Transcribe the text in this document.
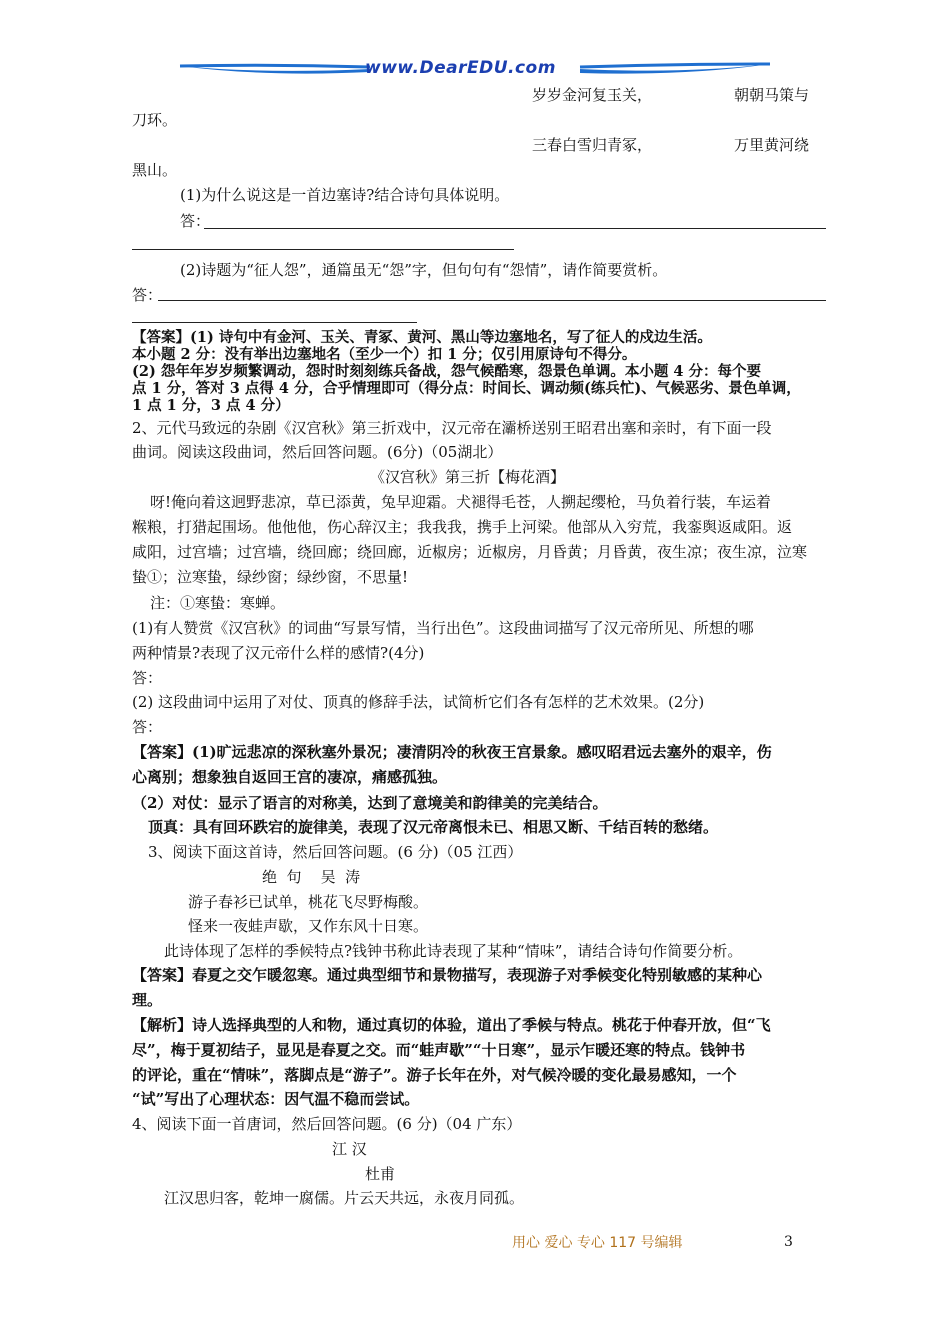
www.DearEDU.com
岁岁金河复玉关，	朝朝马策与
刀环。
三春白雪归青冢，	万里黄河绕
黑山。
(1)为什么说这是一首边塞诗?结合诗句具体说明。
答：
(2)诗题为“征人怨”，通篇虽无“怨”字，但句句有“怨情”，请作简要赏析。
答：
【答案】(1) 诗句中有金河、玉关、青冢、黄河、黑山等边塞地名，写了征人的戍边生活。
本小题 2 分：没有举出边塞地名（至少一个）扣 1 分；仅引用原诗句不得分。
(2) 怨年年岁岁频繁调动，怨时时刻刻练兵备战，怨气候酷寒，怨景色单调。本小题 4 分：每个要
点 1 分，答对 3 点得 4 分，合乎情理即可（得分点：时间长、调动频(练兵忙)、气候恶劣、景色单调，
1 点 1 分，3 点 4 分）
2、元代马致远的杂剧《汉宫秋》第三折戏中，汉元帝在灞桥送别王昭君出塞和亲时，有下面一段
曲词。阅读这段曲词，然后回答问题。(6分)（05湖北）
《汉宫秋》第三折【梅花酒】
呀!俺向着这迥野悲凉，草已添黄，兔早迎霜。犬褪得毛苍，人搠起缨枪，马负着行装，车运着
糇粮，打猎起围场。他他他，伤心辞汉主；我我我，携手上河梁。他部从入穷荒，我銮舆返咸阳。返
咸阳，过宫墙；过宫墙，绕回廊；绕回廊，近椒房；近椒房，月昏黄；月昏黄，夜生凉；夜生凉，泣寒
蛰①；泣寒蛰，绿纱窗；绿纱窗，不思量!
注：①寒蛰：寒蝉。
(1)有人赞赏《汉宫秋》的词曲“写景写情，当行出色”。这段曲词描写了汉元帝所见、所想的哪
两种情景?表现了汉元帝什么样的感情?(4分)
答：
(2) 这段曲词中运用了对仗、顶真的修辞手法，试简析它们各有怎样的艺术效果。(2分)
答：
【答案】(1)旷远悲凉的深秋塞外景况；凄清阴冷的秋夜王宫景象。感叹昭君远去塞外的艰辛，伤
心离别；想象独自返回王宫的凄凉，痛感孤独。
（2）对仗：显示了语言的对称美，达到了意境美和韵律美的完美结合。
顶真：具有回环跌宕的旋律美，表现了汉元帝离恨未已、相思又断、千结百转的愁绪。
3、阅读下面这首诗，然后回答问题。(6 分)（05 江西）
绝  句    吴  涛
游子春衫已试单，桃花飞尽野梅酸。
怪来一夜蛙声歇，又作东风十日寒。
此诗体现了怎样的季候特点?钱钟书称此诗表现了某种“情味”，请结合诗句作简要分析。
【答案】春夏之交乍暖忽寒。通过典型细节和景物描写，表现游子对季候变化特别敏感的某种心
理。
【解析】诗人选择典型的人和物，通过真切的体验，道出了季候与特点。桃花于仲春开放，但“飞
尽”，梅于夏初结子，显见是春夏之交。而“蛙声歇”“十日寒”，显示乍暖还寒的特点。钱钟书
的评论，重在“情味”，落脚点是“游子”。游子长年在外，对气候冷暖的变化最易感知，一个
“试”写出了心理状态：因气温不稳而尝试。
4、阅读下面一首唐词，然后回答问题。(6 分)（04 广东）
江 汉
杜甫
江汉思归客，乾坤一腐儒。片云天共远，永夜月同孤。
用心 爱心 专心 117 号编辑	3
